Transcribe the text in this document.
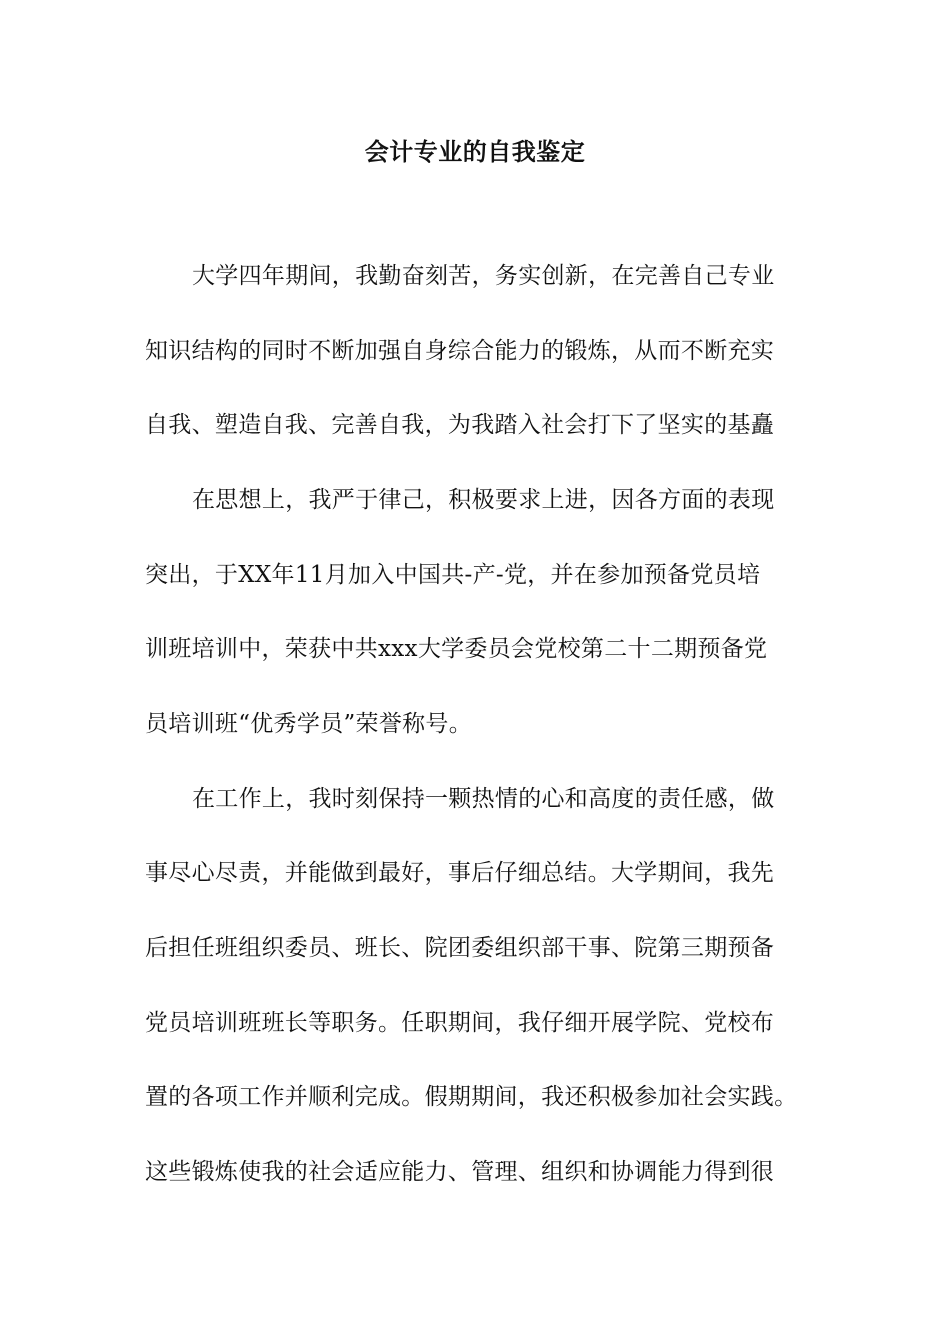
会计专业的自我鉴定
大学四年期间，我勤奋刻苦，务实创新，在完善自己专业
知识结构的同时不断加强自身综合能力的锻炼，从而不断充实
自我、塑造自我、完善自我，为我踏入社会打下了坚实的基矗
在思想上，我严于律己，积极要求上进，因各方面的表现
突出，于XX年11月加入中国共-产-党，并在参加预备党员培
训班培训中，荣获中共xxx大学委员会党校第二十二期预备党
员培训班“优秀学员”荣誉称号。
在工作上，我时刻保持一颗热情的心和高度的责任感，做
事尽心尽责，并能做到最好，事后仔细总结。大学期间，我先
后担任班组织委员、班长、院团委组织部干事、院第三期预备
党员培训班班长等职务。任职期间，我仔细开展学院、党校布
置的各项工作并顺利完成。假期期间，我还积极参加社会实践。
这些锻炼使我的社会适应能力、管理、组织和协调能力得到很
